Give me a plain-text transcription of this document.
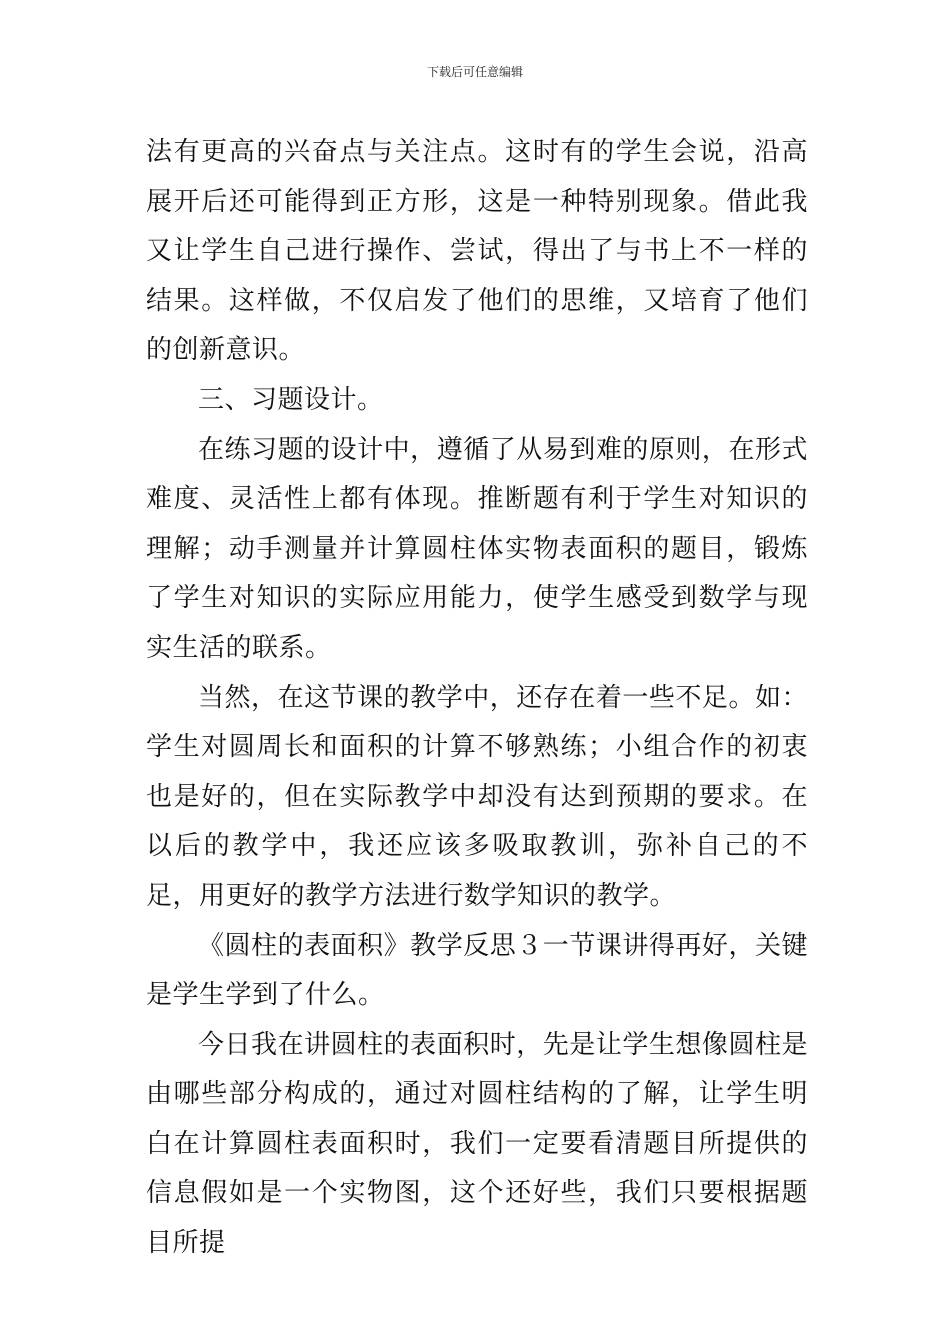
下载后可任意编辑

法有更高的兴奋点与关注点。这时有的学生会说，沿高展开后还可能得到正方形，这是一种特别现象。借此我又让学生自己进行操作、尝试，得出了与书上不一样的结果。这样做，不仅启发了他们的思维，又培育了他们的创新意识。

三、习题设计。

在练习题的设计中，遵循了从易到难的原则，在形式难度、灵活性上都有体现。推断题有利于学生对知识的理解；动手测量并计算圆柱体实物表面积的题目，锻炼了学生对知识的实际应用能力，使学生感受到数学与现实生活的联系。

当然，在这节课的教学中，还存在着一些不足。如：学生对圆周长和面积的计算不够熟练；小组合作的初衷也是好的，但在实际教学中却没有达到预期的要求。在以后的教学中，我还应该多吸取教训，弥补自己的不足，用更好的教学方法进行数学知识的教学。

《圆柱的表面积》教学反思３一节课讲得再好，关键是学生学到了什么。

今日我在讲圆柱的表面积时，先是让学生想像圆柱是由哪些部分构成的，通过对圆柱结构的了解，让学生明白在计算圆柱表面积时，我们一定要看清题目所提供的信息假如是一个实物图，这个还好些，我们只要根据题目所提
